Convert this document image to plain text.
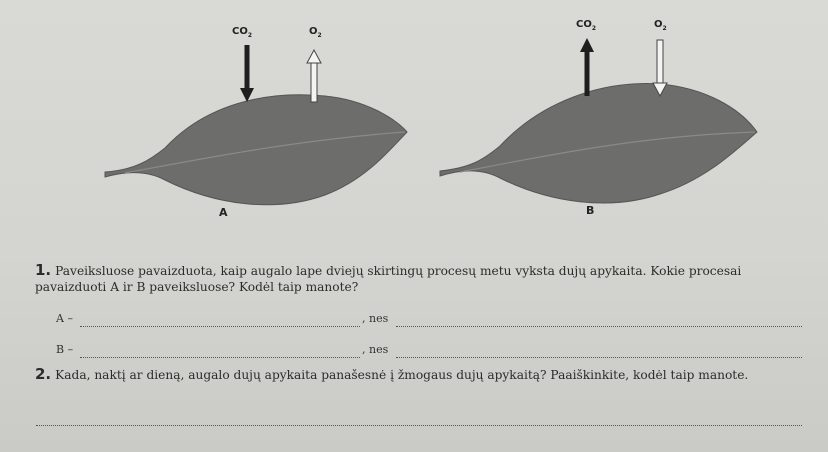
$CO_2$	$O_2$
A
$CO_2$	$O_2$
B
1. Paveiksluose pavaizduota, kaip augalo lape dviejų skirtingų procesų metu vyksta dujų apykaita. Kokie procesai pavaizduoti A ir B paveiksluose? Kodėl taip manote?
A –	, nes
B –	, nes
2. Kada, naktį ar dieną, augalo dujų apykaita panašesnė į žmogaus dujų apykaitą? Paaiškinkite, kodėl taip manote.
